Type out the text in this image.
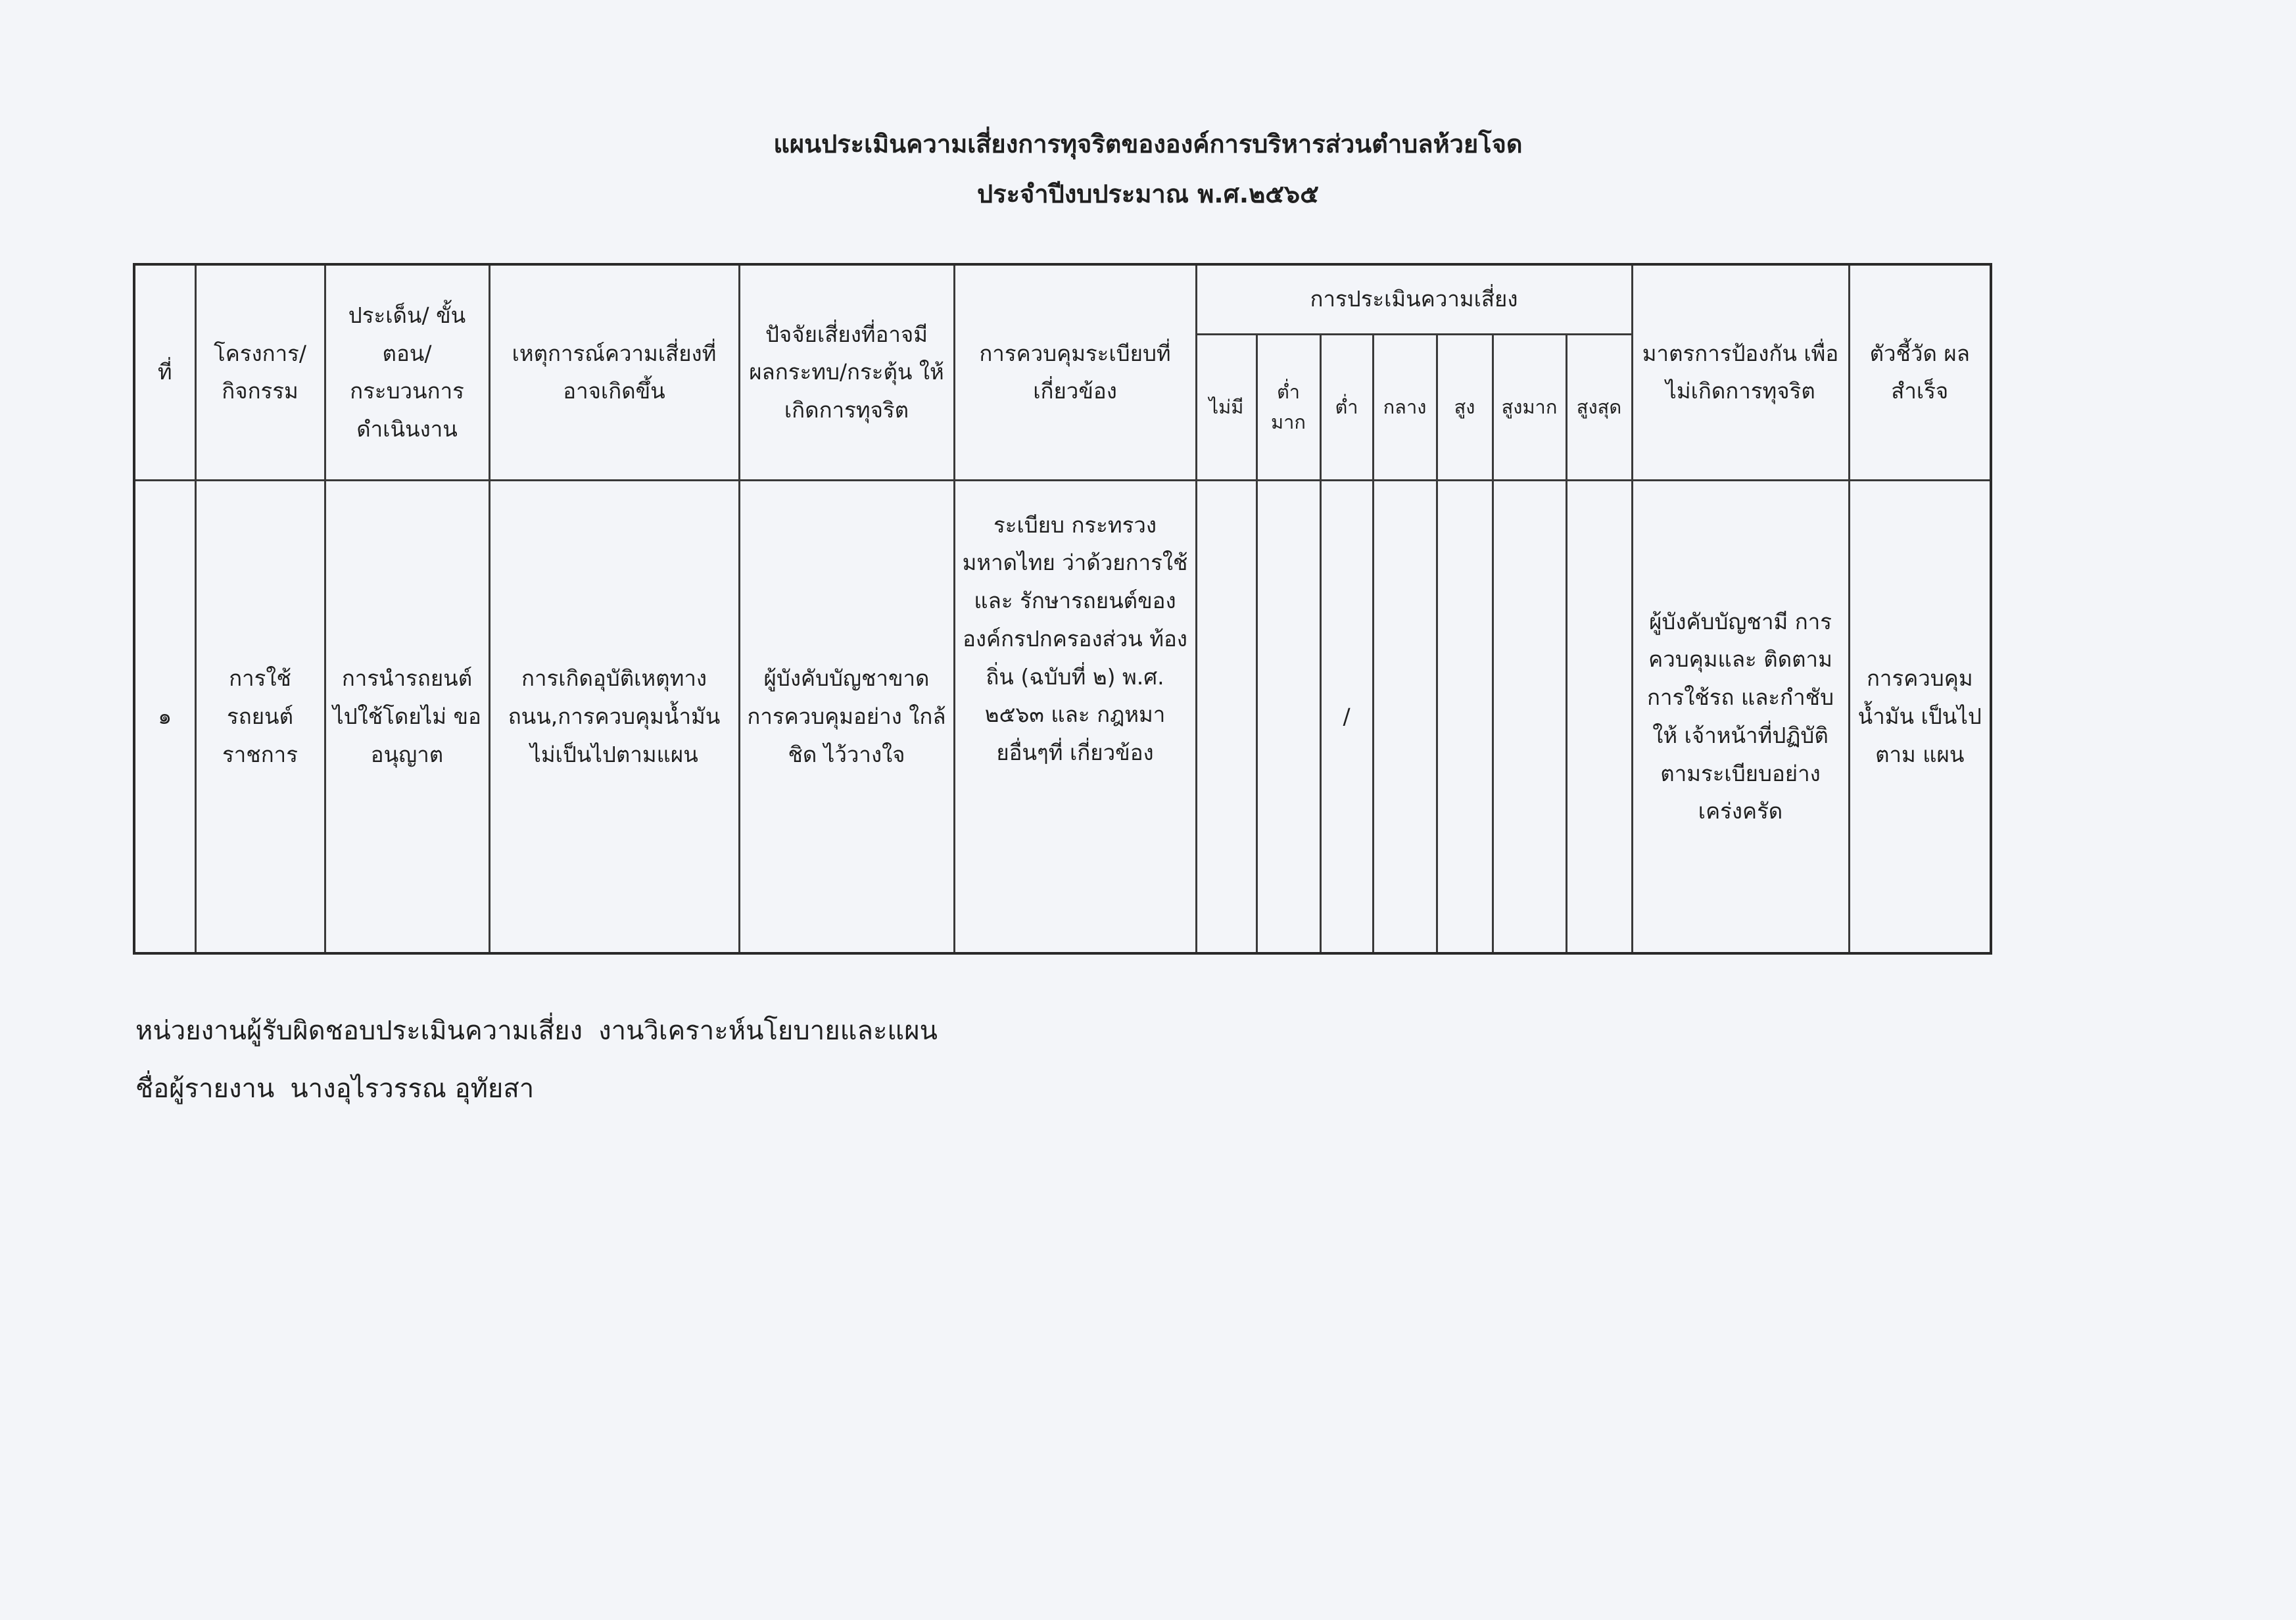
แผนประเมินความเสี่ยงการทุจริตขององค์การบริหารส่วนตำบลห้วยโจด
ประจำปีงบประมาณ พ.ศ.๒๕๖๕
ที่	โครงการ/ กิจกรรม	ประเด็น/ ขั้นตอน/ กระบวนการ ดำเนินงาน	เหตุการณ์ความเสี่ยงที่ อาจเกิดขึ้น	ปัจจัยเสี่ยงที่อาจมี ผลกระทบ/กระตุ้น ให้เกิดการทุจริต	การควบคุมระเบียบที่ เกี่ยวข้อง	การประเมินความเสี่ยง							มาตรการป้องกัน เพื่อไม่เกิดการทุจริต	ตัวชี้วัด ผลสำเร็จ
						ไม่มี	ต่ำ มาก	ต่ำ	กลาง	สูง	สูงมาก	สูงสุด		
๑	การใช้ รถยนต์ ราชการ	การนำรถยนต์ ไปใช้โดยไม่ ขออนุญาต	การเกิดอุบัติเหตุทาง ถนน,การควบคุมน้ำมัน ไม่เป็นไปตามแผน	ผู้บังคับบัญชาขาด การควบคุมอย่าง ใกล้ชิด ไว้วางใจ	ระเบียบ กระทรวงมหาดไทย ว่าด้วยการใช้และ รักษารถยนต์ของ องค์กรปกครองส่วน ท้องถิ่น (ฉบับที่ ๒) พ.ศ. ๒๕๖๓ และ กฎหมายอื่นๆที่ เกี่ยวข้อง			/					ผู้บังคับบัญชามี การควบคุมและ ติดตามการใช้รถ และกำชับให้ เจ้าหน้าที่ปฏิบัติ ตามระเบียบอย่าง เคร่งครัด	การควบคุม น้ำมัน เป็นไปตาม แผน
หน่วยงานผู้รับผิดชอบประเมินความเสี่ยง งานวิเคราะห์นโยบายและแผน
ชื่อผู้รายงาน นางอุไรวรรณ อุทัยสา
